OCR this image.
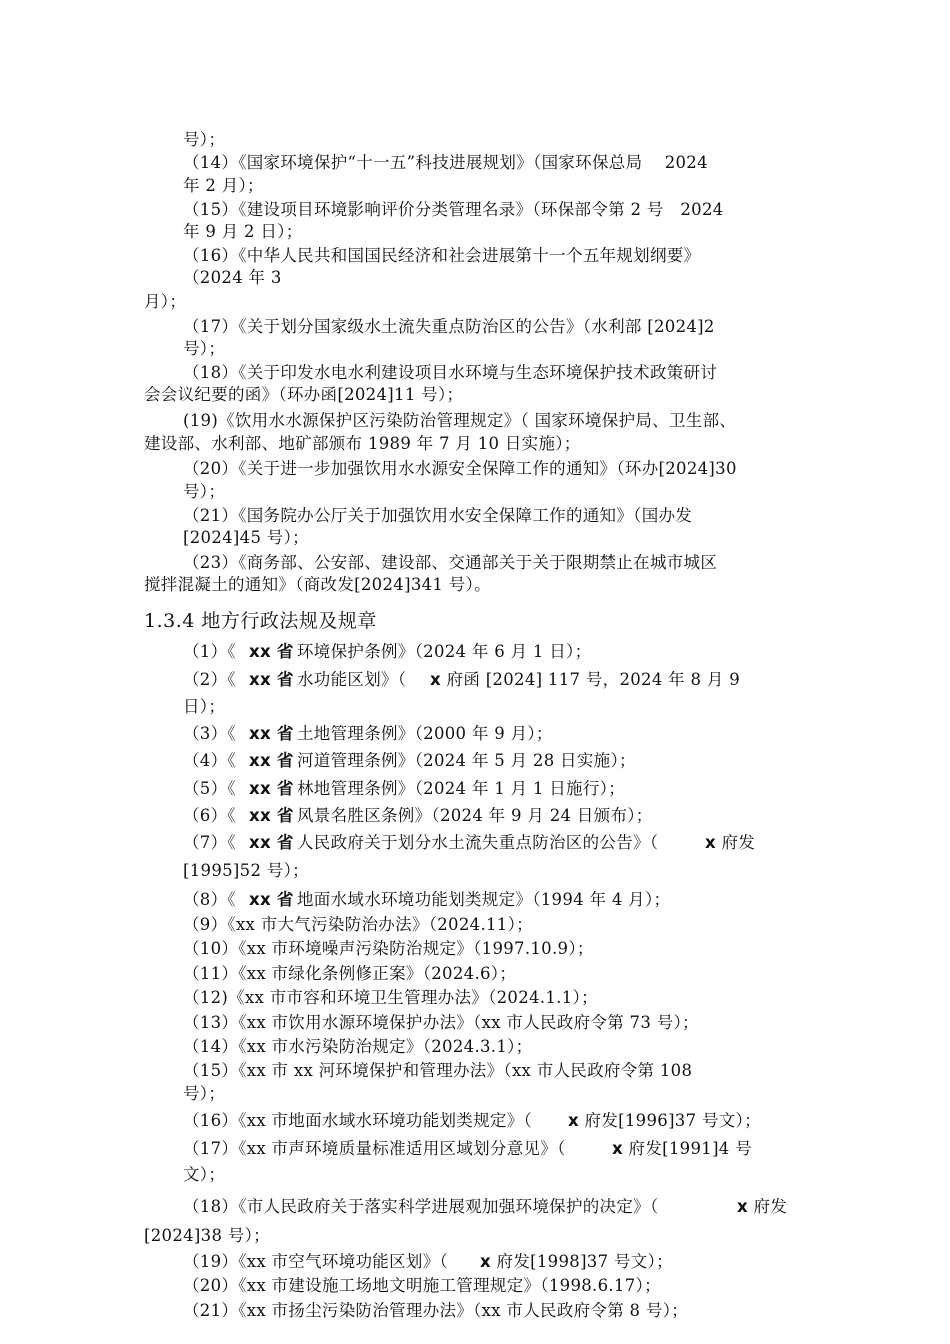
号）；
（14）《国家环境保护“十一五”科技进展规划》（国家环保总局　 2024
年 2 月）；
（15）《建设项目环境影响评价分类管理名录》（环保部令第 2 号　2024
年 9 月 2 日）；
（16）《中华人民共和国国民经济和社会进展第十一个五年规划纲要》
（2024 年 3
月）；
（17）《关于划分国家级水土流失重点防治区的公告》（水利部 [2024]2
号）；
（18）《关于印发水电水利建设项目水环境与生态环境保护技术政策研讨
会会议纪要的函》（环办函[2024]11 号）；
(19)《饮用水水源保护区污染防治管理规定》（ 国家环境保护局、卫生部、
建设部、水利部、地矿部颁布 1989 年 7 月 10 日实施）；
（20）《关于进一步加强饮用水水源安全保障工作的通知》（环办[2024]30
号）；
（21）《国务院办公厅关于加强饮用水安全保障工作的通知》（国办发
[2024]45 号）；
（23）《商务部、公安部、建设部、交通部关于关于限期禁止在城市城区
搅拌混凝土的通知》（商改发[2024]341 号）。
1.3.4 地方行政法规及规章
（1）《 xx 省 环境保护条例》（2024 年 6 月 1 日）；
（2）《 xx 省 水功能区划》（ x 府函 [2024] 117 号，2024 年 8 月 9
日）；
（3）《 xx 省 土地管理条例》（2000 年 9 月）；
（4）《 xx 省 河道管理条例》（2024 年 5 月 28 日实施）；
（5）《 xx 省 林地管理条例》（2024 年 1 月 1 日施行）；
（6）《 xx 省 风景名胜区条例》（2024 年 9 月 24 日颁布）；
（7）《 xx 省 人民政府关于划分水土流失重点防治区的公告》（	x 府发
[1995]52 号）；
（8）《 xx 省 地面水域水环境功能划类规定》（1994 年 4 月）；
（9）《xx 市大气污染防治办法》（2024.11）；
（10）《xx 市环境噪声污染防治规定》（1997.10.9）；
（11）《xx 市绿化条例修正案》（2024.6）；
（12)《xx 市市容和环境卫生管理办法》（2024.1.1）；
（13）《xx 市饮用水源环境保护办法》（xx 市人民政府令第 73 号）；
（14）《xx 市水污染防治规定》（2024.3.1）；
（15）《xx 市 xx 河环境保护和管理办法》（xx 市人民政府令第 108
号）；
（16）《xx 市地面水域水环境功能划类规定》（ x 府发[1996]37 号文）；
（17）《xx 市声环境质量标准适用区域划分意见》（	x 府发[1991]4 号
文）；
（18）《市人民政府关于落实科学进展观加强环境保护的决定》（	x 府发
[2024]38 号）；
（19）《xx 市空气环境功能区划》（ x 府发[1998]37 号文）；
（20）《xx 市建设施工场地文明施工管理规定》（1998.6.17）；
（21）《xx 市扬尘污染防治管理办法》（xx 市人民政府令第 8 号）；
